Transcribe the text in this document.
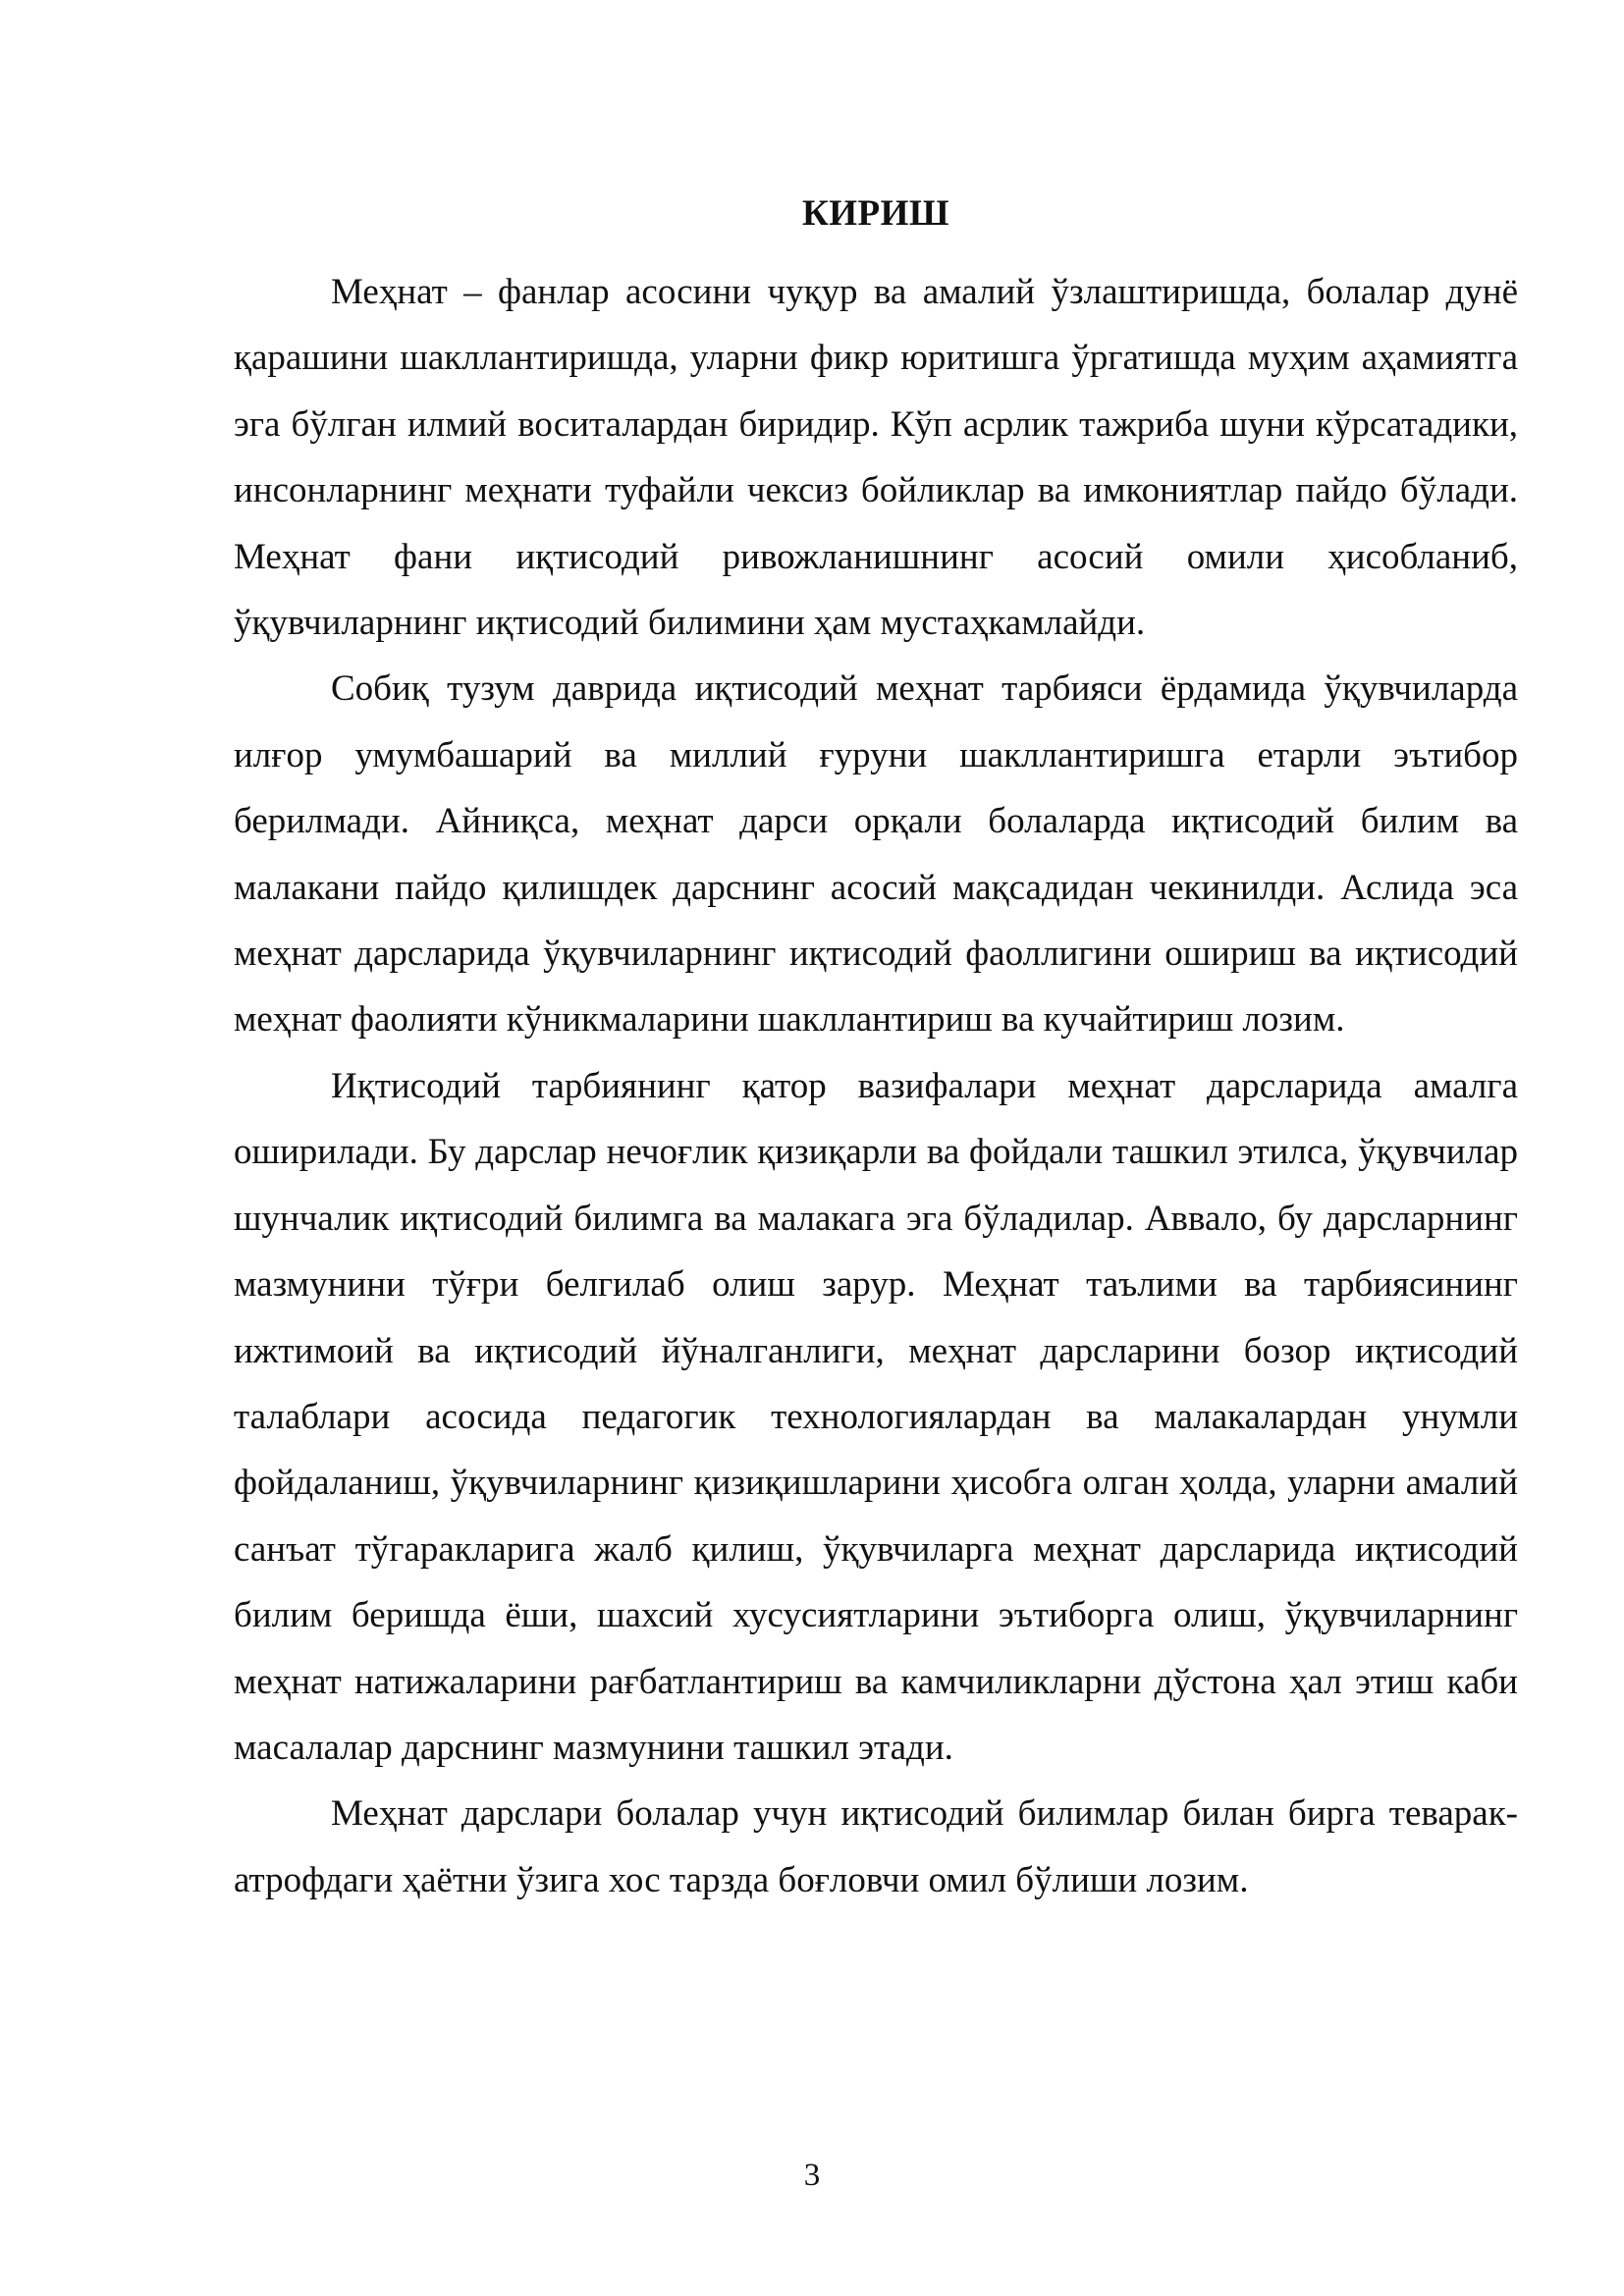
КИРИШ

Меҳнат – фанлар асосини чуқур ва амалий ўзлаштиришда, болалар дунё қарашини шакллантиришда, уларни фикр юритишга ўргатишда муҳим аҳамиятга эга бўлган илмий воситалардан биридир. Кўп асрлик тажриба шуни кўрсатадики, инсонларнинг меҳнати туфайли чексиз бойликлар ва имкониятлар пайдо бўлади. Меҳнат фани иқтисодий ривожланишнинг асосий омили ҳисобланиб, ўқувчиларнинг иқтисодий билимини ҳам мустаҳкамлайди.

Собиқ тузум даврида иқтисодий меҳнат тарбияси ёрдамида ўқувчиларда илғор умумбашарий ва миллий ғуруни шакллантиришга етарли эътибор берилмади. Айниқса, меҳнат дарси орқали болаларда иқтисодий билим ва малакани пайдо қилишдек дарснинг асосий мақсадидан чекинилди. Аслида эса меҳнат дарсларида ўқувчиларнинг иқтисодий фаоллигини ошириш ва иқтисодий меҳнат фаолияти кўникмаларини шакллантириш ва кучайтириш лозим.

Иқтисодий тарбиянинг қатор вазифалари меҳнат дарсларида амалга оширилади. Бу дарслар нечоғлик қизиқарли ва фойдали ташкил этилса, ўқувчилар шунчалик иқтисодий билимга ва малакага эга бўладилар. Аввало, бу дарсларнинг мазмунини тўғри белгилаб олиш зарур. Меҳнат таълими ва тарбиясининг ижтимоий ва иқтисодий йўналганлиги, меҳнат дарсларини бозор иқтисодий талаблари асосида педагогик технологиялардан ва малакалардан унумли фойдаланиш, ўқувчиларнинг қизиқишларини ҳисобга олган ҳолда, уларни амалий санъат тўгаракларига жалб қилиш, ўқувчиларга меҳнат дарсларида иқтисодий билим беришда ёши, шахсий хусусиятларини эътиборга олиш, ўқувчиларнинг меҳнат натижаларини рағбатлантириш ва камчиликларни дўстона ҳал этиш каби масалалар дарснинг мазмунини ташкил этади.

Меҳнат дарслари болалар учун иқтисодий билимлар билан бирга теварак-атрофдаги ҳаётни ўзига хос тарзда боғловчи омил бўлиши лозим.

3
